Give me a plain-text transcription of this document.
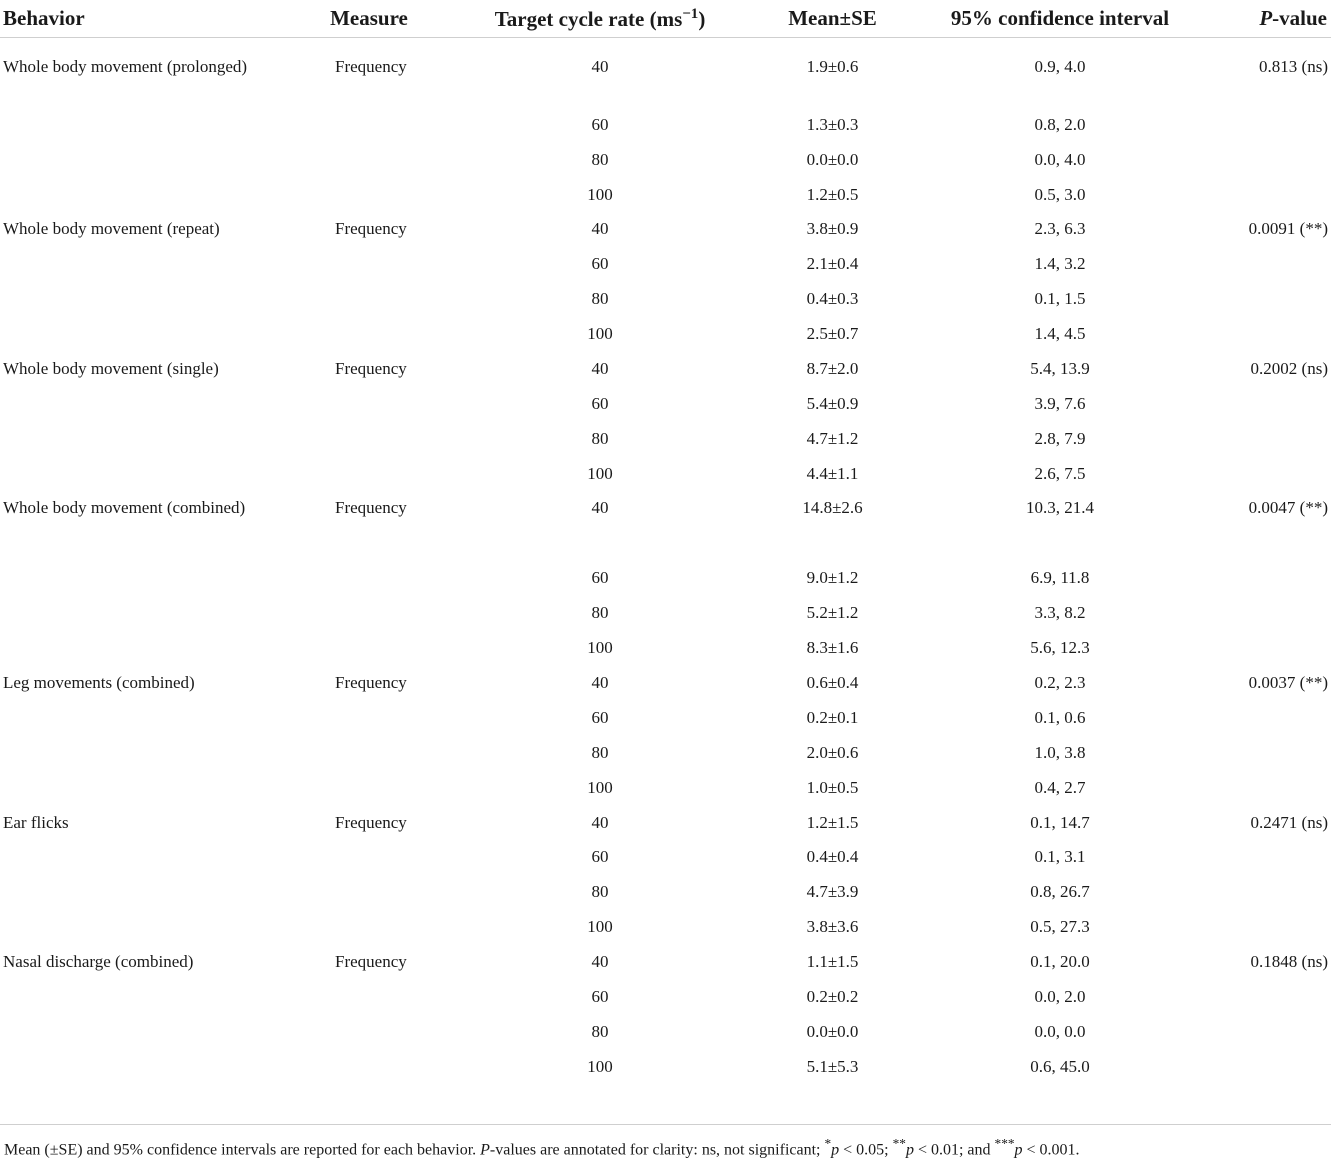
Behavior	Measure	Target cycle rate $(ms^{-1})$	Mean±SE	95% confidence interval	P-value
Whole body movement (prolonged)	Frequency	40	1.9±0.6	0.9, 4.0	0.813 (ns)
		60	1.3±0.3	0.8, 2.0	
		80	0.0±0.0	0.0, 4.0	
		100	1.2±0.5	0.5, 3.0	
Whole body movement (repeat)	Frequency	40	3.8±0.9	2.3, 6.3	0.0091 (**)
		60	2.1±0.4	1.4, 3.2	
		80	0.4±0.3	0.1, 1.5	
		100	2.5±0.7	1.4, 4.5	
Whole body movement (single)	Frequency	40	8.7±2.0	5.4, 13.9	0.2002 (ns)
		60	5.4±0.9	3.9, 7.6	
		80	4.7±1.2	2.8, 7.9	
		100	4.4±1.1	2.6, 7.5	
Whole body movement (combined)	Frequency	40	14.8±2.6	10.3, 21.4	0.0047 (**)
		60	9.0±1.2	6.9, 11.8	
		80	5.2±1.2	3.3, 8.2	
		100	8.3±1.6	5.6, 12.3	
Leg movements (combined)	Frequency	40	0.6±0.4	0.2, 2.3	0.0037 (**)
		60	0.2±0.1	0.1, 0.6	
		80	2.0±0.6	1.0, 3.8	
		100	1.0±0.5	0.4, 2.7	
Ear flicks	Frequency	40	1.2±1.5	0.1, 14.7	0.2471 (ns)
		60	0.4±0.4	0.1, 3.1	
		80	4.7±3.9	0.8, 26.7	
		100	3.8±3.6	0.5, 27.3	
Nasal discharge (combined)	Frequency	40	1.1±1.5	0.1, 20.0	0.1848 (ns)
		60	0.2±0.2	0.0, 2.0	
		80	0.0±0.0	0.0, 0.0	
		100	5.1±5.3	0.6, 45.0	
Mean (±SE) and 95% confidence intervals are reported for each behavior. P-values are annotated for clarity: ns, not significant; *p < 0.05; **p < 0.01; and ***p < 0.001.
